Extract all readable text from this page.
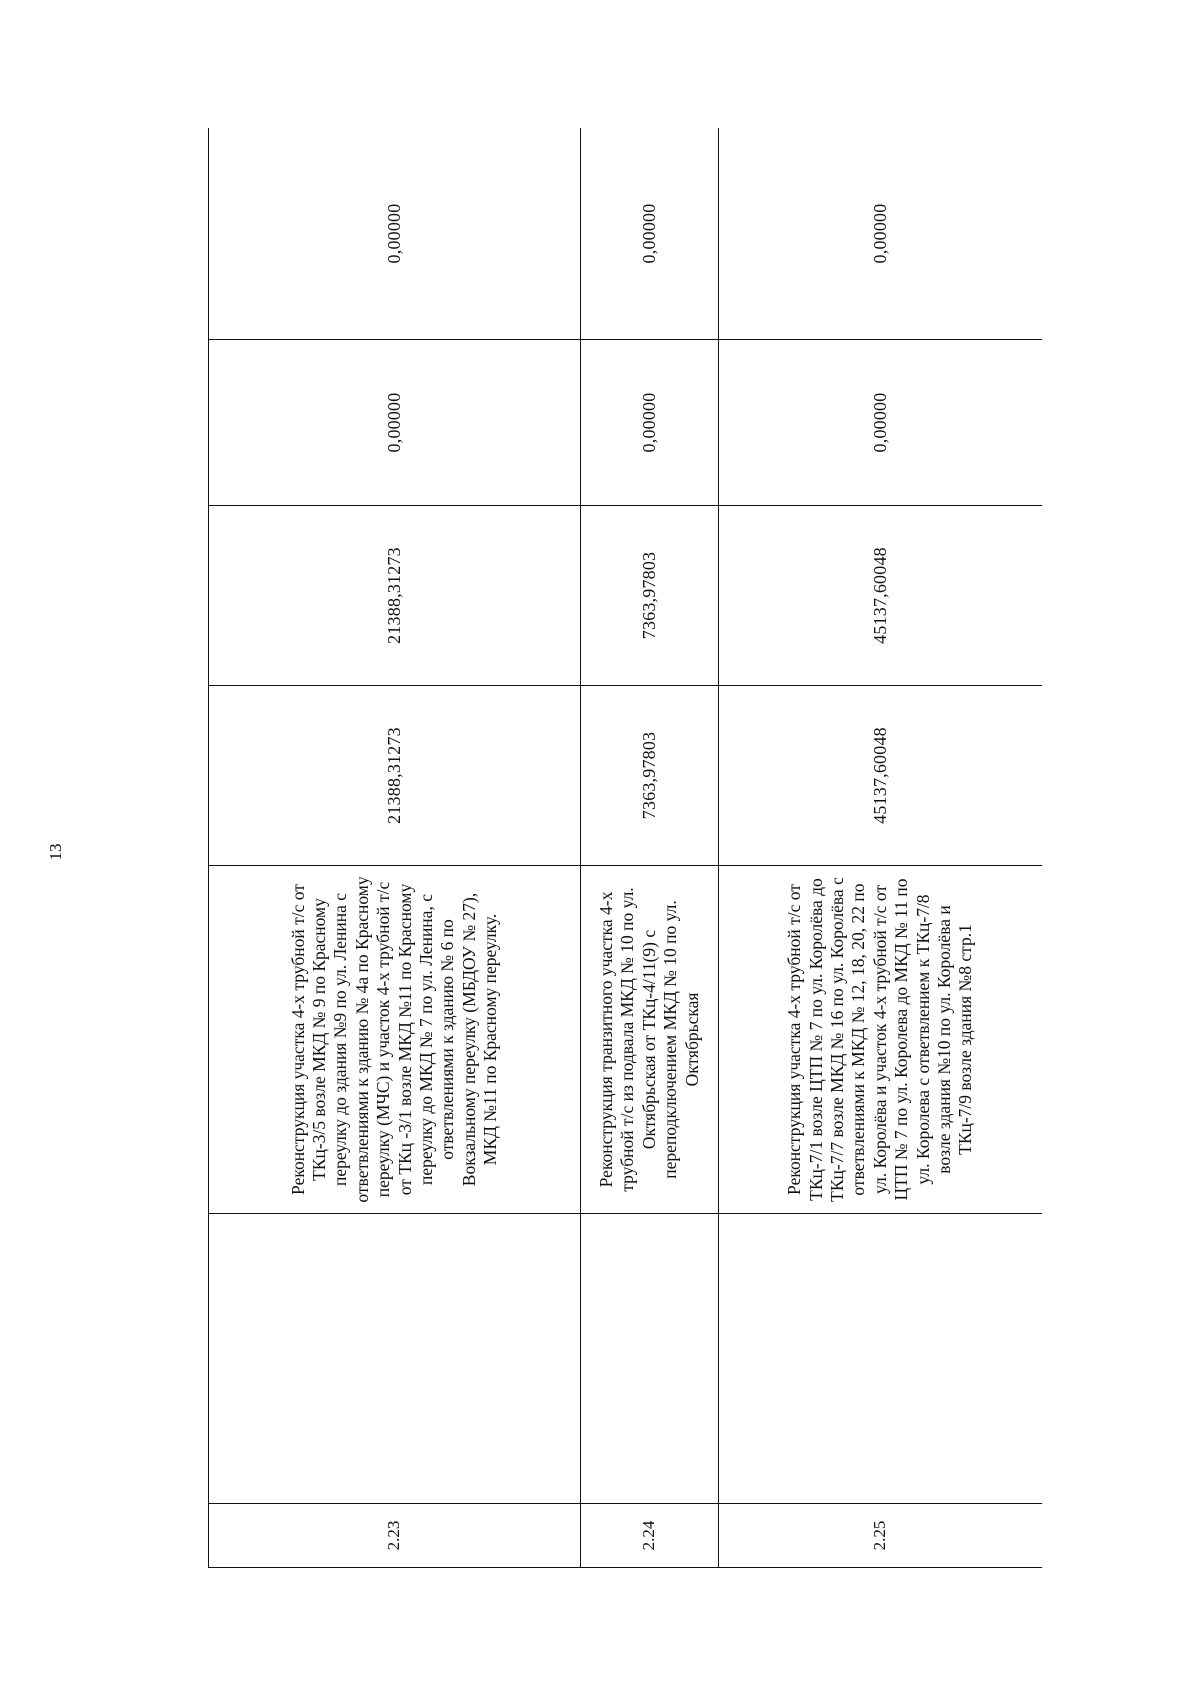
13
2.23		Реконструкция участка 4-х трубной т/с от ТКц-3/5 возле МКД № 9 по Красному переулку до здания №9 по ул. Ленина с ответвлениями к зданию № 4а по Красному переулку (МЧС) и участок 4-х трубной т/с от ТКц -3/1 возле МКД №11 по Красному переулку до МКД № 7 по ул. Ленина, с ответвлениями к зданию № 6 по Вокзальному переулку (МБДОУ № 27), МКД №11 по Красному переулку.	21388,31273	21388,31273	0,00000	0,00000
2.24		Реконструкция транзитного участка 4-х трубной т/с из подвала МКД № 10 по ул. Октябрьская от ТКц-4/11(9) с переподключением МКД № 10 по ул. Октябрьская	7363,97803	7363,97803	0,00000	0,00000
2.25		Реконструкция участка 4-х трубной т/с от ТКц-7/1 возле ЦТП № 7 по ул. Королёва до ТКц-7/7 возле МКД № 16 по ул. Королёва с ответвлениями к МКД № 12, 18, 20, 22 по ул. Королёва и участок 4-х трубной т/с от ЦТП № 7 по ул. Королева до МКД № 11 по ул. Королева с ответвлением к ТКц-7/8 возле здания №10 по ул. Королёва и ТКц-7/9 возле здания №8 стр.1	45137,60048	45137,60048	0,00000	0,00000
